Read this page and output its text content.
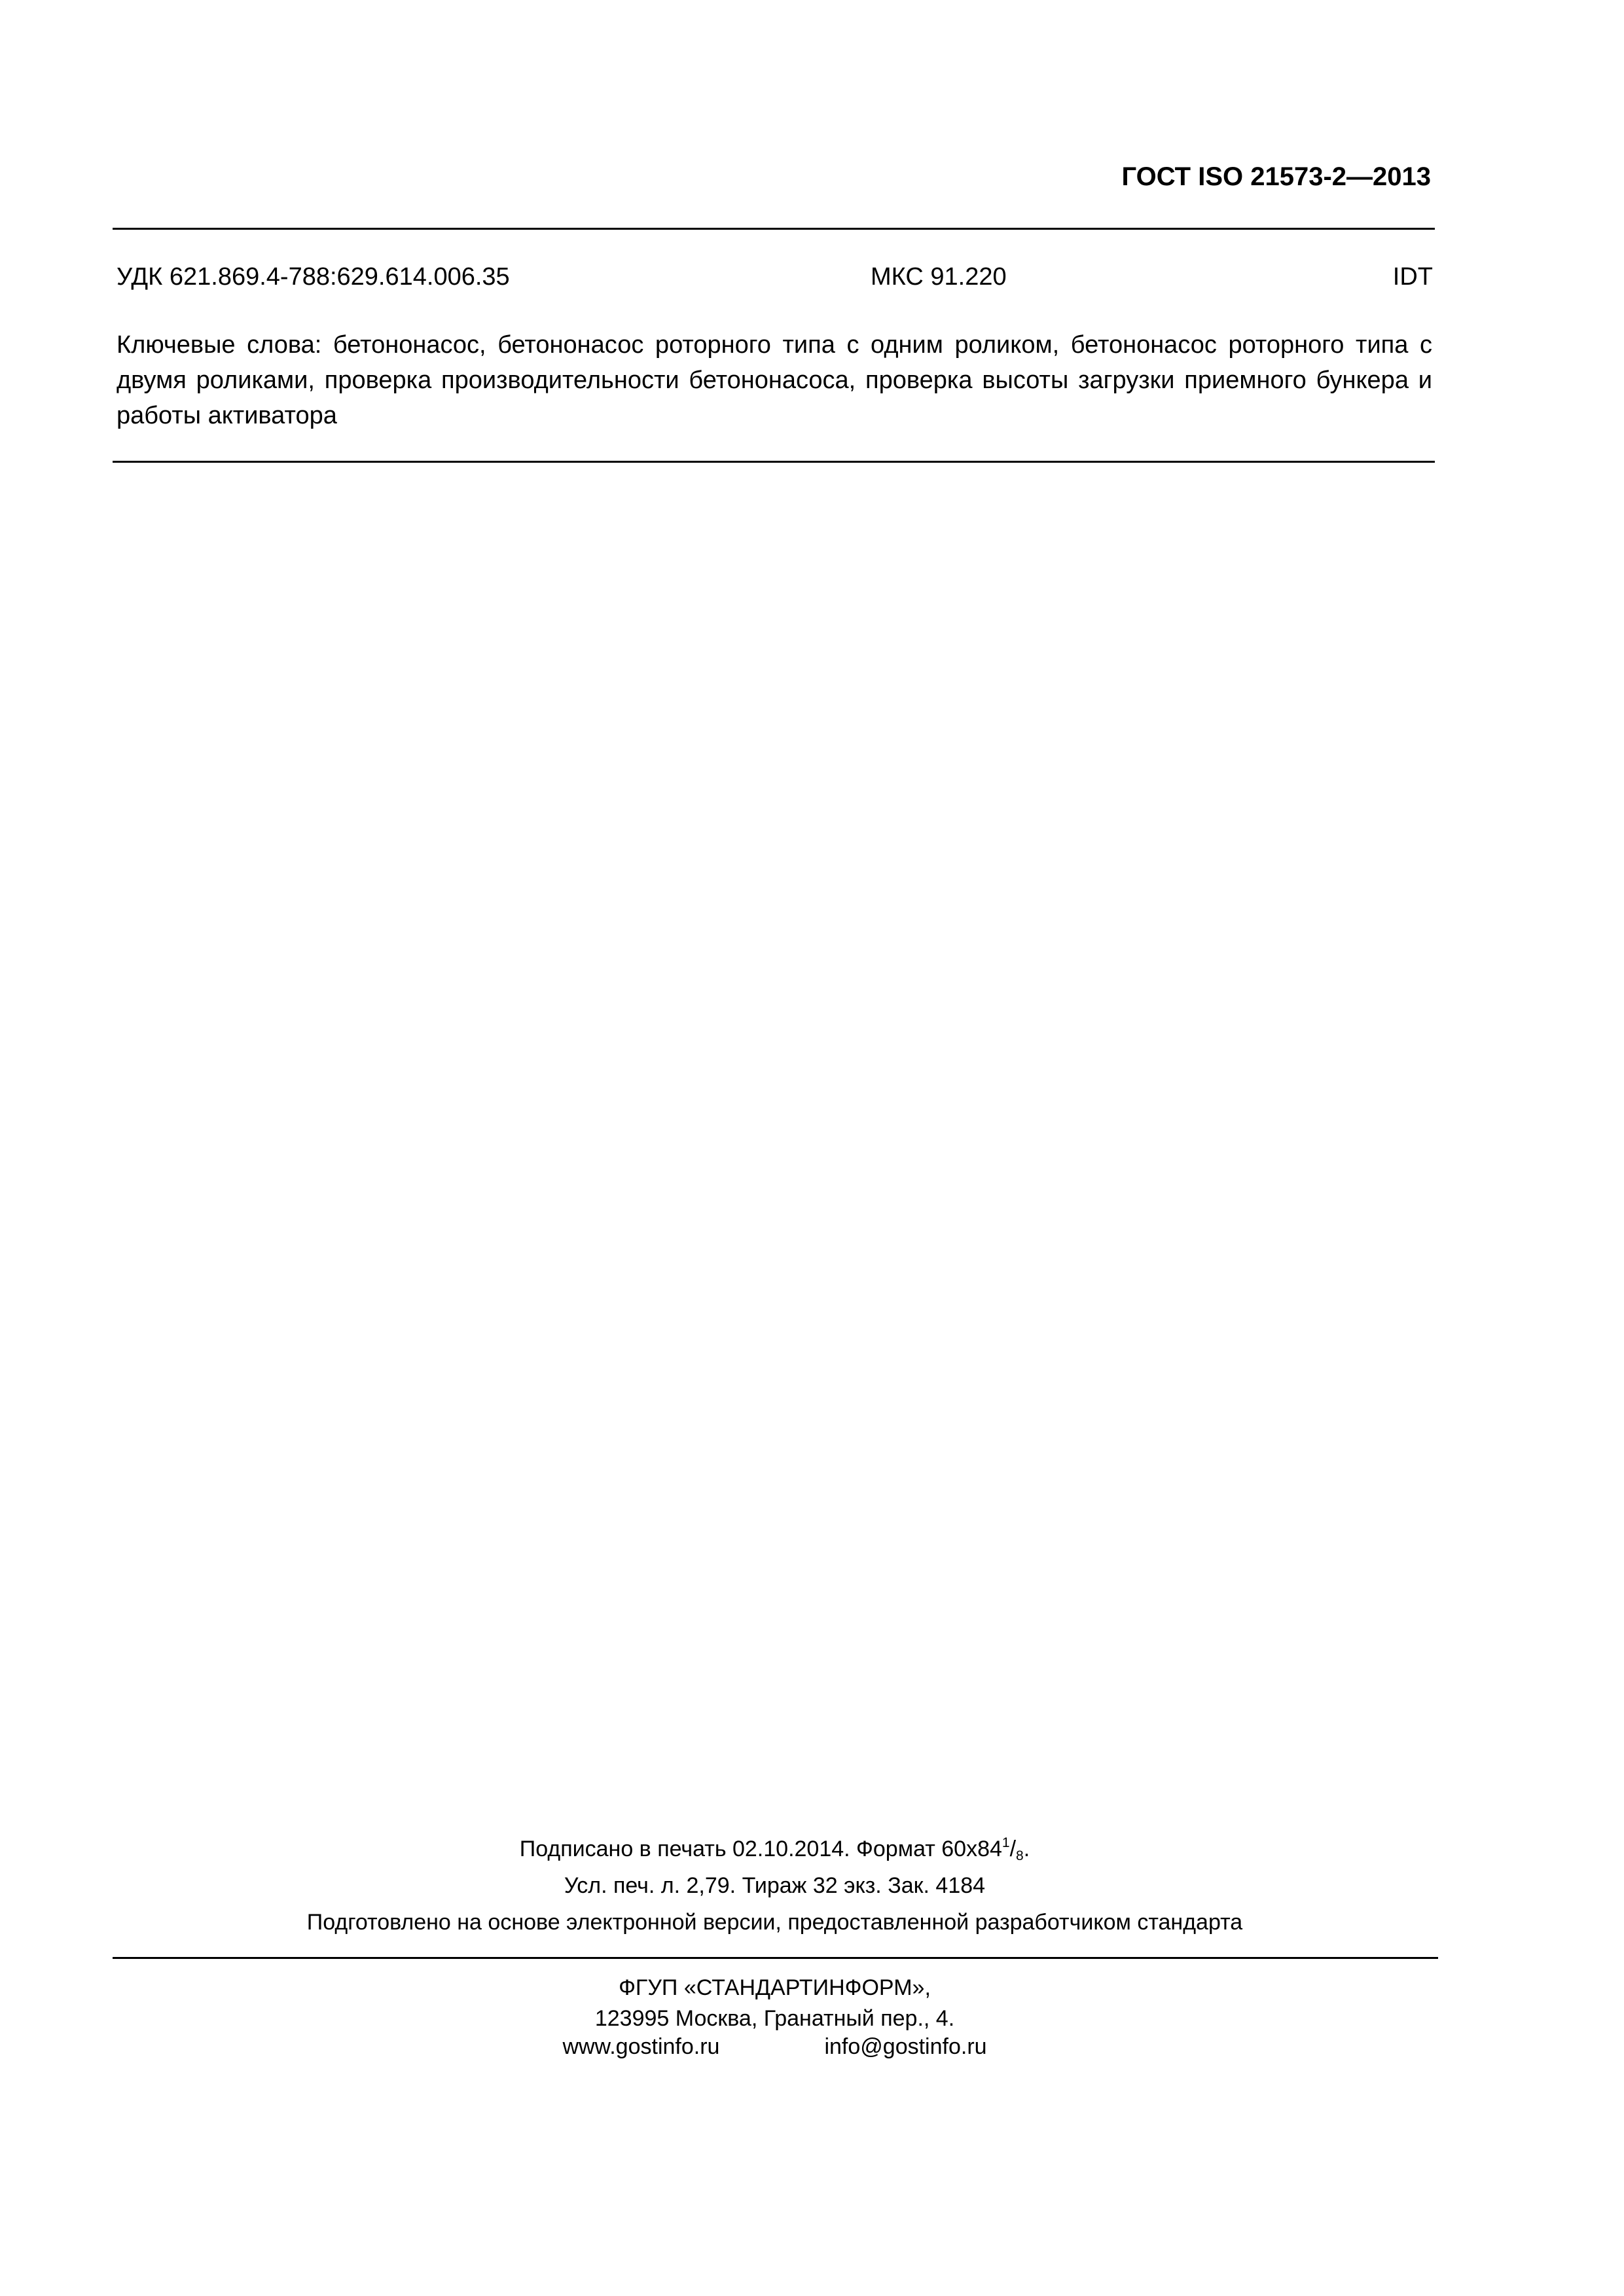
ГОСТ ISO 21573-2—2013
УДК 621.869.4-788:629.614.006.35	МКС 91.220	IDT
Ключевые слова: бетононасос, бетононасос роторного типа с одним роликом, бетононасос роторного типа с двумя роликами, проверка производительности бетононасоса, проверка высоты загрузки приемного бункера и работы активатора
Подписано в печать 02.10.2014. Формат $60х84^1/_8$.
Усл. печ. л. 2,79. Тираж 32 экз. Зак. 4184
Подготовлено на основе электронной версии, предоставленной разработчиком стандарта
ФГУП «СТАНДАРТИНФОРМ»,
123995 Москва, Гранатный пер., 4.
www.gostinfo.ru	info@gostinfo.ru
